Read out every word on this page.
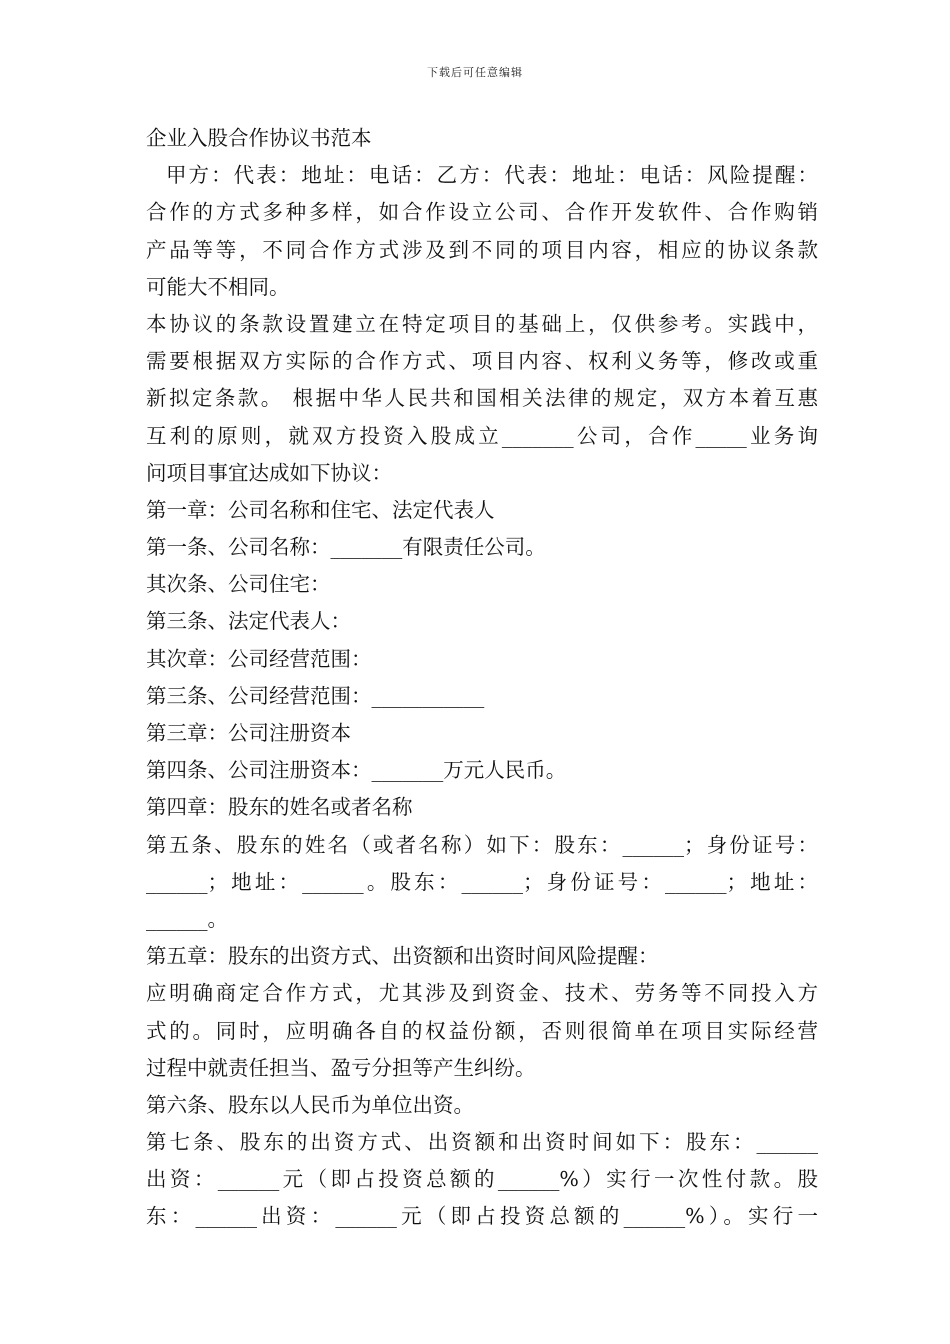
下载后可任意编辑
企业入股合作协议书范本
甲方：代表：地址：电话：乙方：代表：地址：电话：风险提醒：
合作的方式多种多样，如合作设立公司、合作开发软件、合作购销
产品等等，不同合作方式涉及到不同的项目内容，相应的协议条款
可能大不相同。
本协议的条款设置建立在特定项目的基础上，仅供参考。实践中，
需要根据双方实际的合作方式、项目内容、权利义务等，修改或重
新拟定条款。 根据中华人民共和国相关法律的规定，双方本着互惠
互利的原则，就双方投资入股成立_______公司，合作_____业务询
问项目事宜达成如下协议：
第一章：公司名称和住宅、法定代表人
第一条、公司名称：_______有限责任公司。
其次条、公司住宅：
第三条、法定代表人：
其次章：公司经营范围：
第三条、公司经营范围：___________
第三章：公司注册资本
第四条、公司注册资本：_______万元人民币。
第四章：股东的姓名或者名称
第五条、股东的姓名（或者名称）如下：股东：______；身份证号：
______；地址：______。股东：______；身份证号：______；地址：
______。
第五章：股东的出资方式、出资额和出资时间风险提醒：
应明确商定合作方式，尤其涉及到资金、技术、劳务等不同投入方
式的。同时，应明确各自的权益份额，否则很简单在项目实际经营
过程中就责任担当、盈亏分担等产生纠纷。
第六条、股东以人民币为单位出资。
第七条、股东的出资方式、出资额和出资时间如下：股东：______
出资：______元（即占投资总额的______%）实行一次性付款。股
东：______出资：______元（即占投资总额的______%）。实行一
